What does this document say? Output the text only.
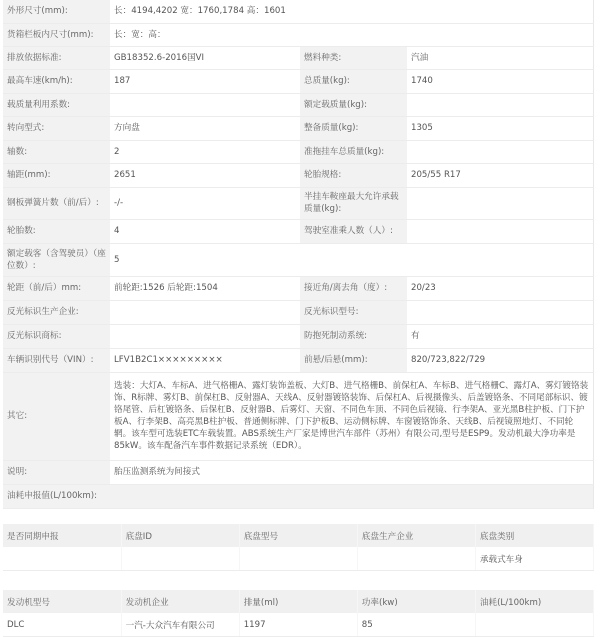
外形尺寸(mm):	长：4194,4202 宽：1760,1784 高：1601		
货箱栏板内尺寸(mm):	长：宽：高：		
排放依据标准:	GB18352.6-2016国VI	燃料种类:	汽油
最高车速(km/h):	187	总质量(kg):	1740
载质量利用系数:		额定载质量(kg):	
转向型式:	方向盘	整备质量(kg):	1305
轴数:	2	准拖挂车总质量(kg):	
轴距(mm):	2651	轮胎规格:	205/55 R17
钢板弹簧片数（前/后）:	-/-	半挂车鞍座最大允许承载质量(kg):	
轮胎数:	4	驾驶室准乘人数（人）:	
额定载客（含驾驶员）（座位数）:	5		
轮距（前/后）mm:	前轮距:1526 后轮距:1504	接近角/离去角（度）:	20/23
反光标识生产企业:		反光标识型号:	
反光标识商标:		防抱死制动系统:	有
车辆识别代号（VIN）:	LFV1B2C1×××××××××	前悬/后悬(mm):	820/723,822/729
其它:	选装：大灯A、车标A、进气格栅A、露灯装饰盖板、大灯B、进气格栅B、前保杠A、车标B、进气格栅C、露灯A、雾灯镀铬装饰、R标牌、雾灯B、前保杠B、反射器A、天线A、反射器镀铬装饰、后保杠A、后视摄像头、后盖镀铬条、不同尾部标识、镀铬尾管、后杠镀铬条、后保杠B、反射器B、后雾灯、天窗、不同色车顶、不同色后视镜、行李架A、亚光黑B柱护板、门下护板A、行李架B、高亮黑B柱护板、普通侧标牌、门下护板B、运动侧标牌、车窗镀铬饰条、天线B、后视镜照地灯、不同轮辋。该车型可选装ETC车载装置。ABS系统生产厂家是博世汽车部件（苏州）有限公司,型号是ESP9。发动机最大净功率是85kW。该车配备汽车事件数据记录系统（EDR）。		
说明:	胎压监测系统为间接式		
油耗申报值(L/100km):			
是否同期申报	底盘ID	底盘型号	底盘生产企业	底盘类别
				承载式车身
发动机型号	发动机企业	排量(ml)	功率(kw)	油耗(L/100km)
DLC	一汽-大众汽车有限公司	1197	85	
